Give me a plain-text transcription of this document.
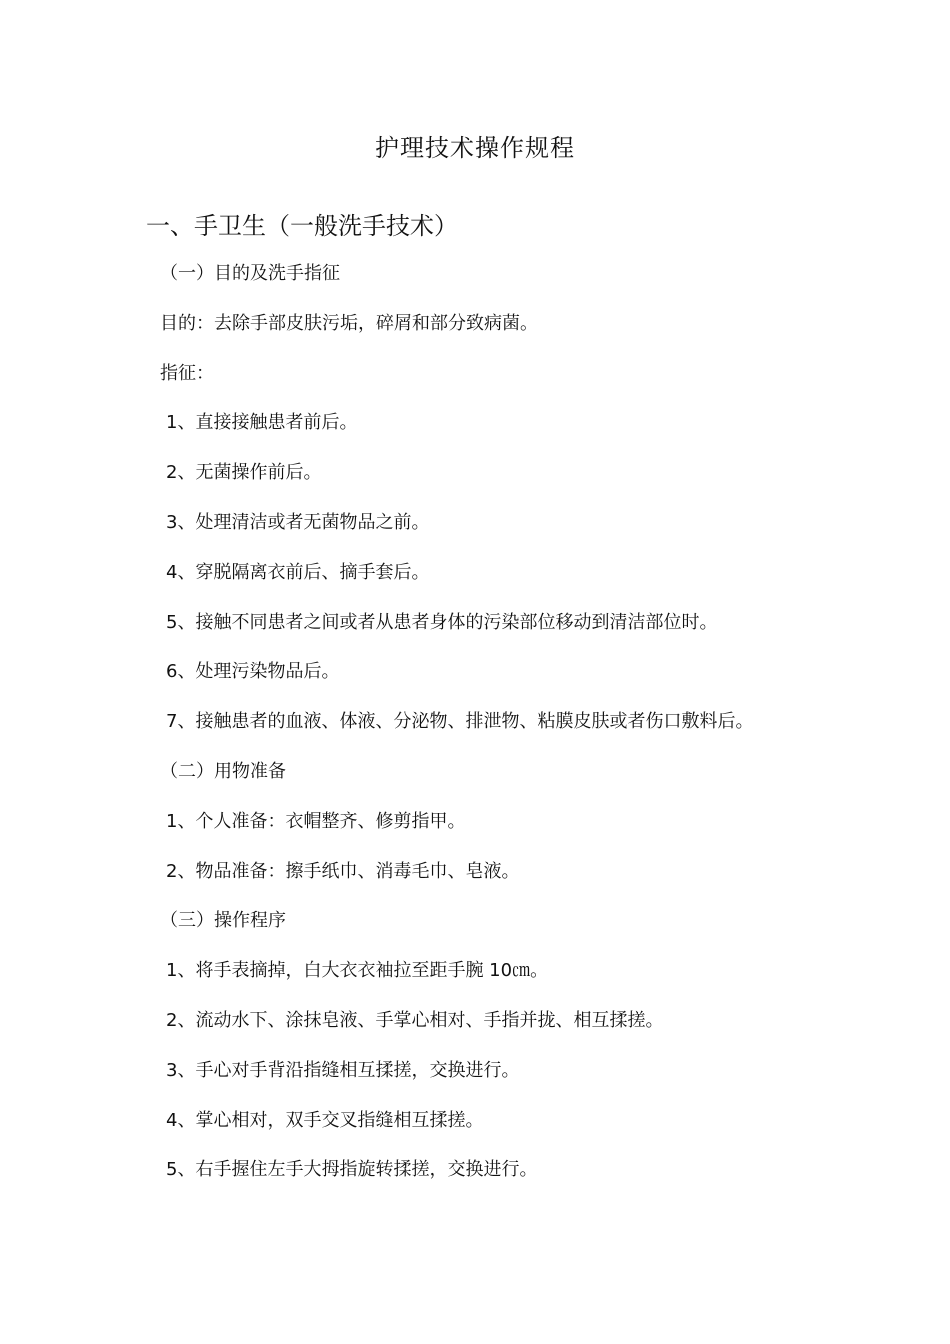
护理技术操作规程
一、手卫生（一般洗手技术）
（一）目的及洗手指征
目的：去除手部皮肤污垢，碎屑和部分致病菌。
指征：
1、直接接触患者前后。
2、无菌操作前后。
3、处理清洁或者无菌物品之前。
4、穿脱隔离衣前后、摘手套后。
5、接触不同患者之间或者从患者身体的污染部位移动到清洁部位时。
6、处理污染物品后。
7、接触患者的血液、体液、分泌物、排泄物、粘膜皮肤或者伤口敷料后。
（二）用物准备
1、个人准备：衣帽整齐、修剪指甲。
2、物品准备：擦手纸巾、消毒毛巾、皂液。
（三）操作程序
1、将手表摘掉，白大衣衣袖拉至距手腕 10㎝。
2、流动水下、涂抹皂液、手掌心相对、手指并拢、相互揉搓。
3、手心对手背沿指缝相互揉搓，交换进行。
4、掌心相对，双手交叉指缝相互揉搓。
5、右手握住左手大拇指旋转揉搓，交换进行。
